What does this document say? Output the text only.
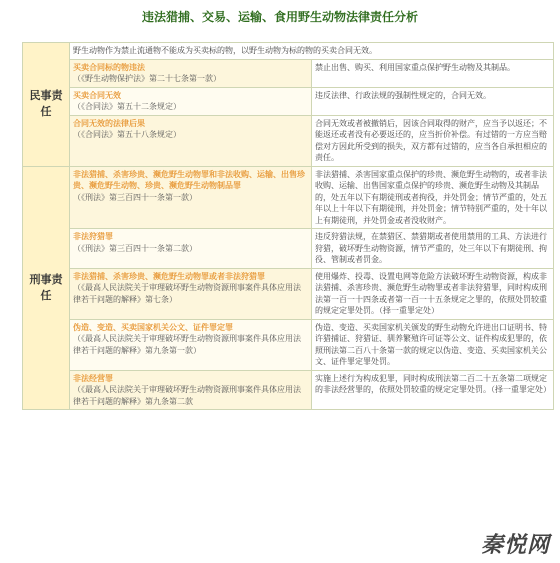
违法猎捕、交易、运输、食用野生动物法律责任分析
民事责任	野生动物作为禁止流通物不能成为买卖标的物，以野生动物为标的物的买卖合同无效。	

	买卖合同标的物违法
（《野生动物保护法》第二十七条第一款）	禁止出售、购买、利用国家重点保护野生动物及其制品。

	买卖合同无效
（《合同法》第五十二条规定）	违反法律、行政法规的强制性规定的，合同无效。

	合同无效的法律后果
（《合同法》第五十八条规定）	合同无效或者被撤销后，因该合同取得的财产，应当予以返还；不能返还或者没有必要返还的，应当折价补偿。有过错的一方应当赔偿对方因此所受到的损失，双方都有过错的，应当各自承担相应的责任。
刑事责任	非法猎捕、杀害珍贵、濒危野生动物罪和非法收购、运输、出售珍贵、濒危野生动物、珍贵、濒危野生动物制品罪
（《刑法》第三百四十一条第一款）	非法猎捕、杀害国家重点保护的珍贵、濒危野生动物的，或者非法收购、运输、出售国家重点保护的珍贵、濒危野生动物及其制品的，处五年以下有期徒刑或者拘役，并处罚金；情节严重的，处五年以上十年以下有期徒刑，并处罚金；情节特别严重的，处十年以上有期徒刑，并处罚金或者没收财产。

	非法狩猎罪
（《刑法》第三百四十一条第二款）	违反狩猎法规，在禁猎区、禁猎期或者使用禁用的工具、方法进行狩猎，破坏野生动物资源，情节严重的，处三年以下有期徒刑、拘役、管制或者罚金。

	非法猎捕、杀害珍贵、濒危野生动物罪或者非法狩猎罪
（《最高人民法院关于审理破坏野生动物资源刑事案件具体应用法律若干问题的解释》第七条）	使用爆炸、投毒、设置电网等危险方法破坏野生动物资源，构成非法猎捕、杀害珍贵、濒危野生动物罪或者非法狩猎罪，同时构成刑法第一百一十四条或者第一百一十五条规定之罪的，依照处罚较重的规定定罪处罚。（择一重罪定处）

	伪造、变造、买卖国家机关公文、证件罪定罪
（《最高人民法院关于审理破坏野生动物资源刑事案件具体应用法律若干问题的解释》第九条第一款）	伪造、变造、买卖国家机关颁发的野生动物允许进出口证明书、特许猎捕证、狩猎证、驯养繁殖许可证等公文、证件构成犯罪的，依照刑法第二百八十条第一款的规定以伪造、变造、买卖国家机关公文、证件罪定罪处罚。

	非法经营罪
（《最高人民法院关于审理破坏野生动物资源刑事案件具体应用法律若干问题的解释》第九条第二款	实施上述行为构成犯罪，同时构成刑法第二百二十五条第二项规定的非法经营罪的，依照处罚较重的规定定罪处罚。（择一重罪定处）
秦悦网
